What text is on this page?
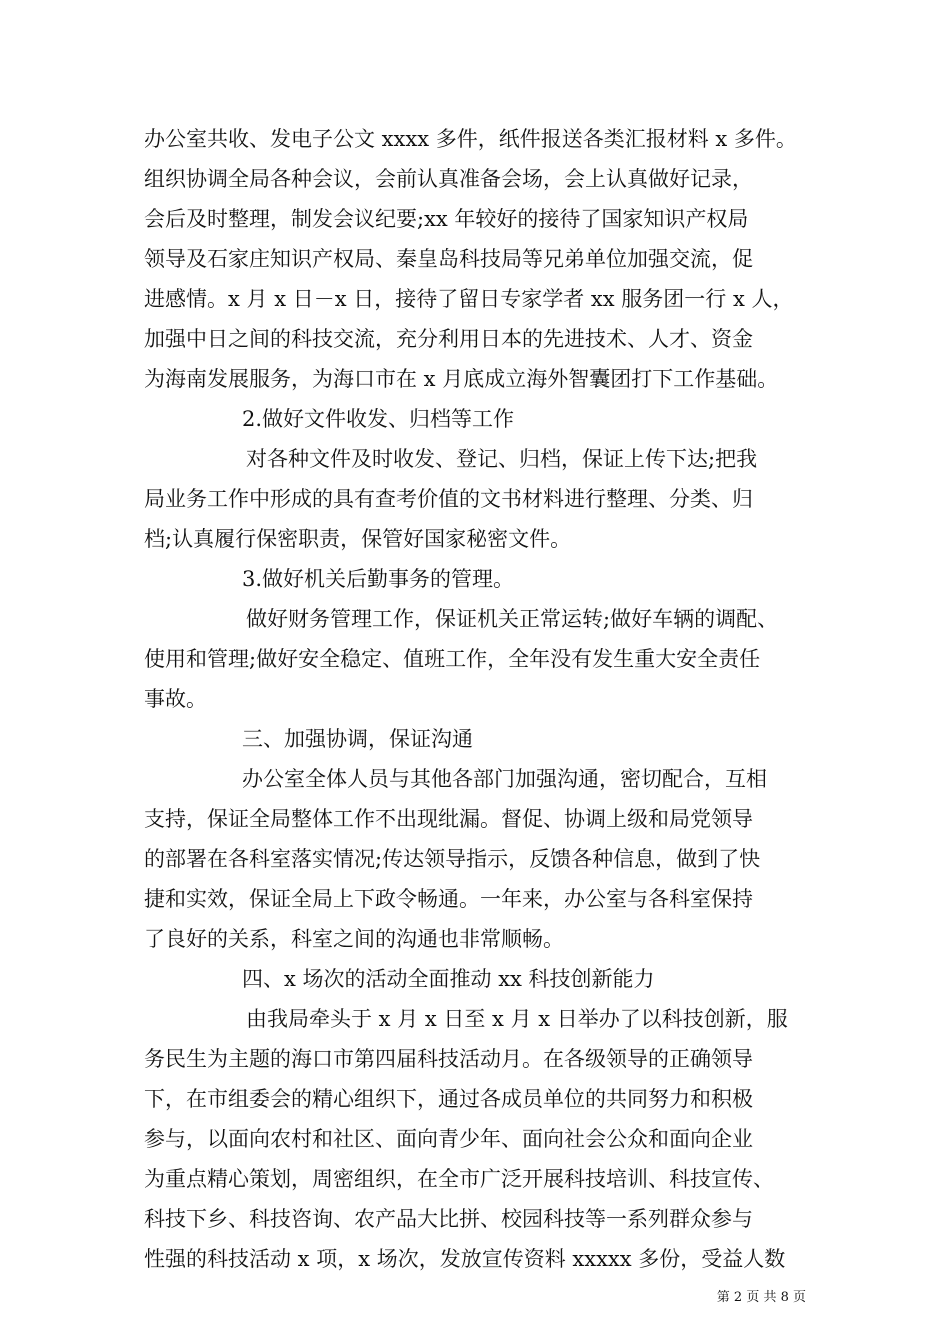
办公室共收、发电子公文 xxxx 多件，纸件报送各类汇报材料 x 多件。
组织协调全局各种会议，会前认真准备会场，会上认真做好记录，
会后及时整理，制发会议纪要;xx 年较好的接待了国家知识产权局
领导及石家庄知识产权局、秦皇岛科技局等兄弟单位加强交流，促
进感情。x 月 x 日－x 日，接待了留日专家学者 xx 服务团一行 x 人，
加强中日之间的科技交流，充分利用日本的先进技术、人才、资金
为海南发展服务，为海口市在 x 月底成立海外智囊团打下工作基础。
2.做好文件收发、归档等工作
对各种文件及时收发、登记、归档，保证上传下达;把我
局业务工作中形成的具有查考价值的文书材料进行整理、分类、归
档;认真履行保密职责，保管好国家秘密文件。
3.做好机关后勤事务的管理。
做好财务管理工作，保证机关正常运转;做好车辆的调配、
使用和管理;做好安全稳定、值班工作，全年没有发生重大安全责任
事故。
三、加强协调，保证沟通
办公室全体人员与其他各部门加强沟通，密切配合，互相
支持，保证全局整体工作不出现纰漏。督促、协调上级和局党领导
的部署在各科室落实情况;传达领导指示，反馈各种信息，做到了快
捷和实效，保证全局上下政令畅通。一年来，办公室与各科室保持
了良好的关系，科室之间的沟通也非常顺畅。
四、x 场次的活动全面推动 xx 科技创新能力
由我局牵头于 x 月 x 日至 x 月 x 日举办了以科技创新，服
务民生为主题的海口市第四届科技活动月。在各级领导的正确领导
下，在市组委会的精心组织下，通过各成员单位的共同努力和积极
参与，以面向农村和社区、面向青少年、面向社会公众和面向企业
为重点精心策划，周密组织，在全市广泛开展科技培训、科技宣传、
科技下乡、科技咨询、农产品大比拼、校园科技等一系列群众参与
性强的科技活动 x 项，x 场次，发放宣传资料 xxxxx 多份，受益人数
第 2 页 共 8 页
